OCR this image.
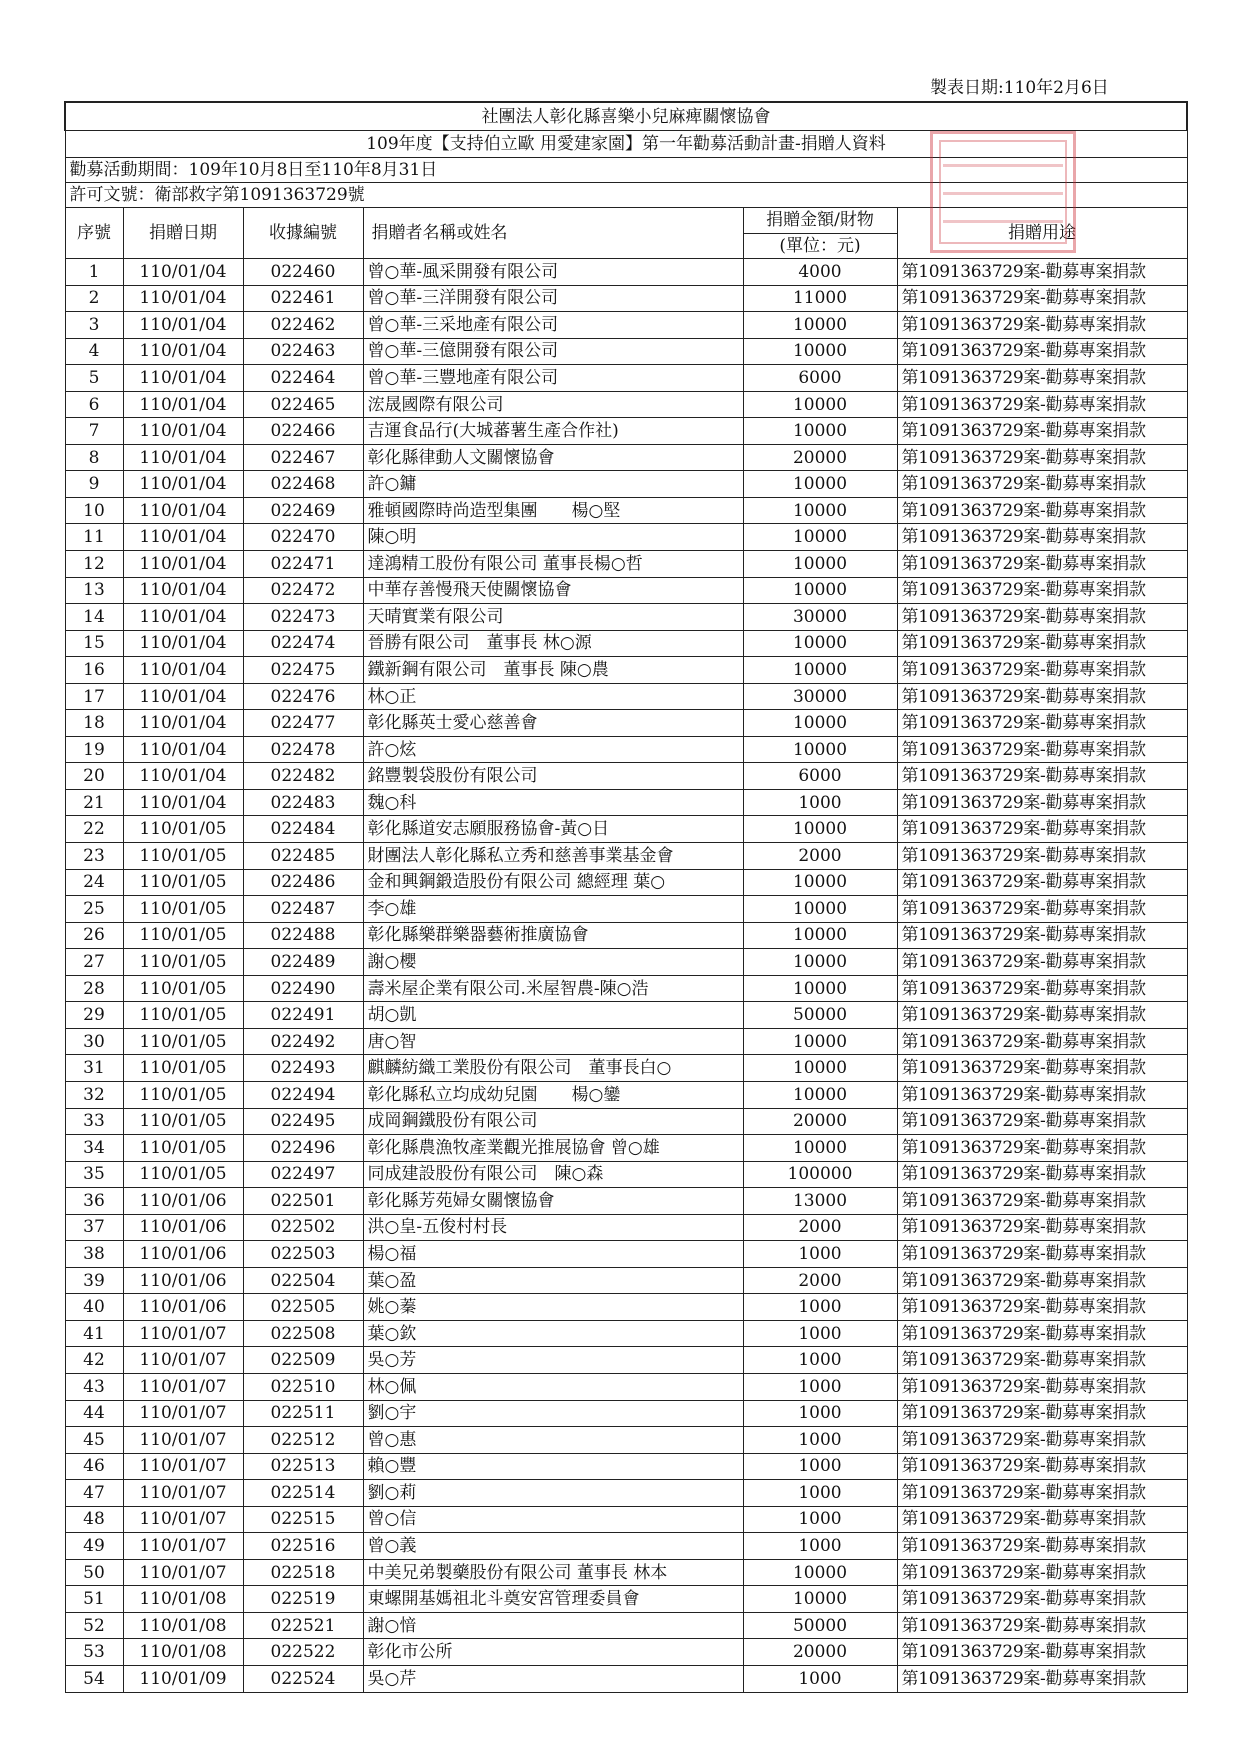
製表日期:110年2月6日
社團法人彰化縣喜樂小兒麻痺關懷協會					
109年度【支持伯立歐 用愛建家園】第一年勸募活動計畫-捐贈人資料					
勸募活動期間：109年10月8日至110年8月31日					
許可文號：衛部救字第1091363729號					
序號	捐贈日期	收據編號	捐贈者名稱或姓名	捐贈金額/財物	捐贈用途
				(單位：元)	
1	110/01/04	022460	曾○華-風采開發有限公司	4000	第1091363729案-勸募專案捐款
2	110/01/04	022461	曾○華-三洋開發有限公司	11000	第1091363729案-勸募專案捐款
3	110/01/04	022462	曾○華-三采地產有限公司	10000	第1091363729案-勸募專案捐款
4	110/01/04	022463	曾○華-三億開發有限公司	10000	第1091363729案-勸募專案捐款
5	110/01/04	022464	曾○華-三豐地產有限公司	6000	第1091363729案-勸募專案捐款
6	110/01/04	022465	浤晟國際有限公司	10000	第1091363729案-勸募專案捐款
7	110/01/04	022466	吉運食品行(大城蕃薯生產合作社)	10000	第1091363729案-勸募專案捐款
8	110/01/04	022467	彰化縣律動人文關懷協會	20000	第1091363729案-勸募專案捐款
9	110/01/04	022468	許○鏞	10000	第1091363729案-勸募專案捐款
10	110/01/04	022469	雅頓國際時尚造型集團　　楊○堅	10000	第1091363729案-勸募專案捐款
11	110/01/04	022470	陳○明	10000	第1091363729案-勸募專案捐款
12	110/01/04	022471	達鴻精工股份有限公司 董事長楊○哲	10000	第1091363729案-勸募專案捐款
13	110/01/04	022472	中華存善慢飛天使關懷協會	10000	第1091363729案-勸募專案捐款
14	110/01/04	022473	天晴實業有限公司	30000	第1091363729案-勸募專案捐款
15	110/01/04	022474	晉勝有限公司　董事長 林○源	10000	第1091363729案-勸募專案捐款
16	110/01/04	022475	鐵新鋼有限公司　董事長 陳○農	10000	第1091363729案-勸募專案捐款
17	110/01/04	022476	林○正	30000	第1091363729案-勸募專案捐款
18	110/01/04	022477	彰化縣英士愛心慈善會	10000	第1091363729案-勸募專案捐款
19	110/01/04	022478	許○炫	10000	第1091363729案-勸募專案捐款
20	110/01/04	022482	銘豐製袋股份有限公司	6000	第1091363729案-勸募專案捐款
21	110/01/04	022483	魏○科	1000	第1091363729案-勸募專案捐款
22	110/01/05	022484	彰化縣道安志願服務協會-黃○日	10000	第1091363729案-勸募專案捐款
23	110/01/05	022485	財團法人彰化縣私立秀和慈善事業基金會	2000	第1091363729案-勸募專案捐款
24	110/01/05	022486	金和興鋼鍛造股份有限公司 總經理 葉○	10000	第1091363729案-勸募專案捐款
25	110/01/05	022487	李○雄	10000	第1091363729案-勸募專案捐款
26	110/01/05	022488	彰化縣樂群樂器藝術推廣協會	10000	第1091363729案-勸募專案捐款
27	110/01/05	022489	謝○櫻	10000	第1091363729案-勸募專案捐款
28	110/01/05	022490	壽米屋企業有限公司.米屋智農-陳○浩	10000	第1091363729案-勸募專案捐款
29	110/01/05	022491	胡○凱	50000	第1091363729案-勸募專案捐款
30	110/01/05	022492	唐○智	10000	第1091363729案-勸募專案捐款
31	110/01/05	022493	麒麟紡織工業股份有限公司　董事長白○	10000	第1091363729案-勸募專案捐款
32	110/01/05	022494	彰化縣私立均成幼兒園　　楊○鑾	10000	第1091363729案-勸募專案捐款
33	110/01/05	022495	成岡鋼鐵股份有限公司	20000	第1091363729案-勸募專案捐款
34	110/01/05	022496	彰化縣農漁牧產業觀光推展協會 曾○雄	10000	第1091363729案-勸募專案捐款
35	110/01/05	022497	同成建設股份有限公司　陳○森	100000	第1091363729案-勸募專案捐款
36	110/01/06	022501	彰化縣芳苑婦女關懷協會	13000	第1091363729案-勸募專案捐款
37	110/01/06	022502	洪○皇-五俊村村長	2000	第1091363729案-勸募專案捐款
38	110/01/06	022503	楊○福	1000	第1091363729案-勸募專案捐款
39	110/01/06	022504	葉○盈	2000	第1091363729案-勸募專案捐款
40	110/01/06	022505	姚○蓁	1000	第1091363729案-勸募專案捐款
41	110/01/07	022508	葉○欽	1000	第1091363729案-勸募專案捐款
42	110/01/07	022509	吳○芳	1000	第1091363729案-勸募專案捐款
43	110/01/07	022510	林○佩	1000	第1091363729案-勸募專案捐款
44	110/01/07	022511	劉○宇	1000	第1091363729案-勸募專案捐款
45	110/01/07	022512	曾○惠	1000	第1091363729案-勸募專案捐款
46	110/01/07	022513	賴○豐	1000	第1091363729案-勸募專案捐款
47	110/01/07	022514	劉○莉	1000	第1091363729案-勸募專案捐款
48	110/01/07	022515	曾○信	1000	第1091363729案-勸募專案捐款
49	110/01/07	022516	曾○義	1000	第1091363729案-勸募專案捐款
50	110/01/07	022518	中美兄弟製藥股份有限公司 董事長 林本	10000	第1091363729案-勸募專案捐款
51	110/01/08	022519	東螺開基媽祖北斗奠安宮管理委員會	10000	第1091363729案-勸募專案捐款
52	110/01/08	022521	謝○愔	50000	第1091363729案-勸募專案捐款
53	110/01/08	022522	彰化市公所	20000	第1091363729案-勸募專案捐款
54	110/01/09	022524	吳○芹	1000	第1091363729案-勸募專案捐款
